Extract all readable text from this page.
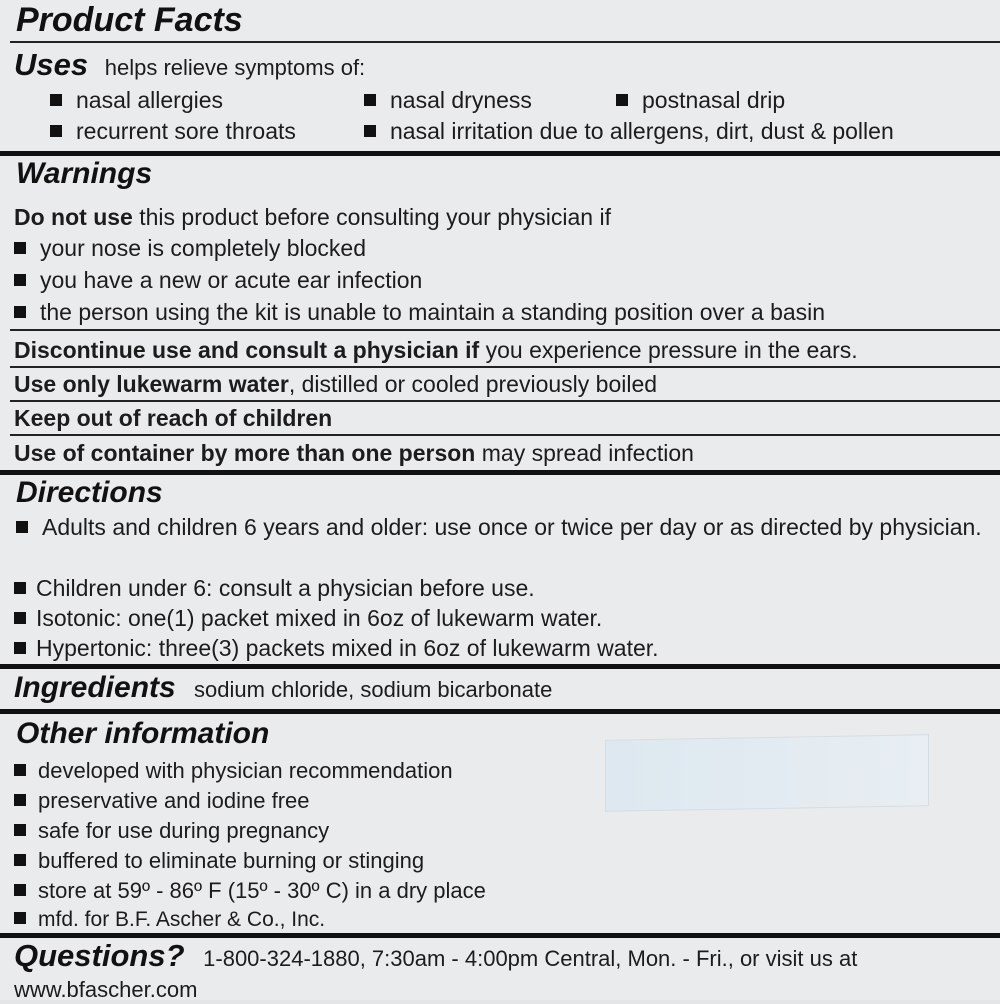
Product Facts
Uses helps relieve symptoms of:
nasal allergies	nasal dryness	postnasal drip
recurrent sore throats	nasal irritation due to allergens, dirt, dust & pollen
Warnings
Do not use this product before consulting your physician if
your nose is completely blocked
you have a new or acute ear infection
the person using the kit is unable to maintain a standing position over a basin
Discontinue use and consult a physician if you experience pressure in the ears.
Use only lukewarm water, distilled or cooled previously boiled
Keep out of reach of children
Use of container by more than one person may spread infection
Directions
Adults and children 6 years and older: use once or twice per day or as directed by physician.
Children under 6: consult a physician before use.
Isotonic: one(1) packet mixed in 6oz of lukewarm water.
Hypertonic: three(3) packets mixed in 6oz of lukewarm water.
Ingredients sodium chloride, sodium bicarbonate
Other information
developed with physician recommendation
preservative and iodine free
safe for use during pregnancy
buffered to eliminate burning or stinging
store at 59º - 86º F (15º - 30º C) in a dry place
mfd. for B.F. Ascher & Co., Inc.
Questions? 1-800-324-1880, 7:30am - 4:00pm Central, Mon. - Fri., or visit us at
www.bfascher.com
